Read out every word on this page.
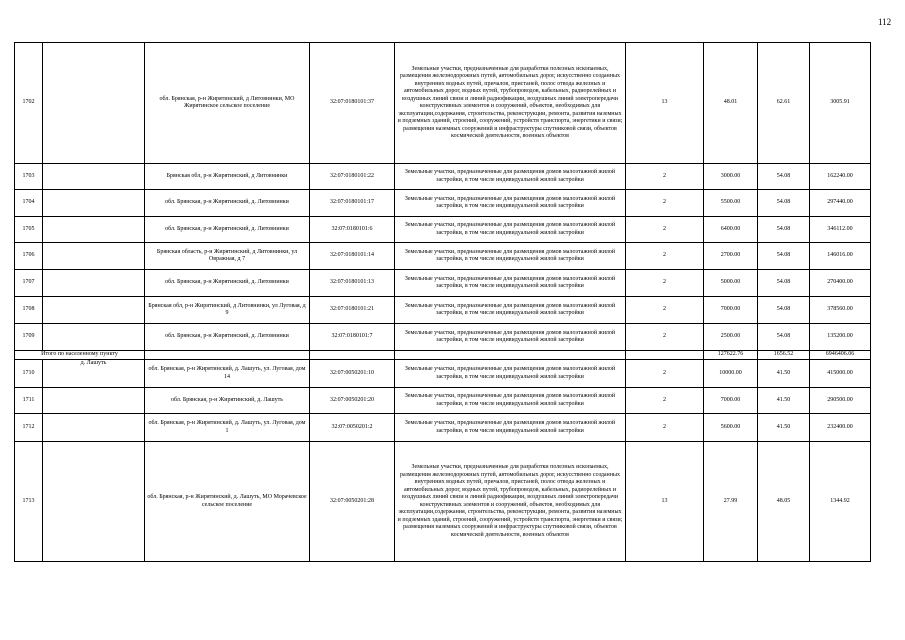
112
1702		обл. Брянская, р-н Жирятинский, д Литовнинки, МО Жирятинское сельское поселение	32:07:0180101:37	Земельные участки, предназначенные для разработки полезных ископаемых, размещения железнодорожных путей, автомобильных дорог, искусственно созданных внутренних водных путей, причалов, пристаней, полос отвода железных и автомобильных дорог, водных путей, трубопроводов, кабельных, радиорелейных и воздушных линий связи и линий радиофикации, воздушных линий электропередачи конструктивных элементов и сооружений, объектов, необходимых для эксплуатации,содержания, строительства, реконструкции, ремонта, развития наземных и подземных зданий, строений, сооружений, устройств транспорта, энергетики и связи; размещения наземных сооружений и инфраструктуры спутниковой связи, объектов космической деятельности, военных объектов	13	48.01	62.61	3005.91
1703		Брянская обл, р-н Жирятинский, д Литовнинки	32:07:0180101:22	Земельные участки, предназначенные для размещения домов малоэтажной жилой застройки, в том числе индивидуальной жилой застройки	2	3000.00	54.08	162240.00
1704		обл. Брянская, р-н Жирятинский, д. Литовнинки	32:07:0180101:17	Земельные участки, предназначенные для размещения домов малоэтажной жилой застройки, в том числе индивидуальной жилой застройки	2	5500.00	54.08	297440.00
1705		обл. Брянская, р-н Жирятинский, д. Литовнинки	32:07:0180101:6	Земельные участки, предназначенные для размещения домов малоэтажной жилой застройки, в том числе индивидуальной жилой застройки	2	6400.00	54.08	346112.00
1706		Брянская область, р-н Жирятинский, д Литовнинки, ул Овражная, д 7	32:07:0180101:14	Земельные участки, предназначенные для размещения домов малоэтажной жилой застройки, в том числе индивидуальной жилой застройки	2	2700.00	54.08	146016.00
1707		обл. Брянская, р-н Жирятинский, д. Литовнинки	32:07:0180101:13	Земельные участки, предназначенные для размещения домов малоэтажной жилой застройки, в том числе индивидуальной жилой застройки	2	5000.00	54.08	270400.00
1708		Брянская обл, р-н Жирятинский, д Литовнинки, ул Луговая, д 9	32:07:0180101:21	Земельные участки, предназначенные для размещения домов малоэтажной жилой застройки, в том числе индивидуальной жилой застройки	2	7000.00	54.08	378560.00
1709		обл. Брянская, р-н Жирятинский, д. Литовнинки	32:07:0180101:7	Земельные участки, предназначенные для размещения домов малоэтажной жилой застройки, в том числе индивидуальной жилой застройки	2	2500.00	54.08	135200.00
Итого по населенному пункту						127622.76	1656.52	6946406.06
1710	д. Лашуть	обл. Брянская, р-н Жирятинский, д. Лашуть, ул. Луговая, дом 14	32:07:0050201:10	Земельные участки, предназначенные для размещения домов малоэтажной жилой застройки, в том числе индивидуальной жилой застройки	2	10000.00	41.50	415000.00
1711		обл. Брянская, р-н Жирятинский, д. Лашуть	32:07:0050201:20	Земельные участки, предназначенные для размещения домов малоэтажной жилой застройки, в том числе индивидуальной жилой застройки	2	7000.00	41.50	290500.00
1712		обл. Брянская, р-н Жирятинский, д. Лашуть, ул. Луговая, дом 1	32:07:0050201:2	Земельные участки, предназначенные для размещения домов малоэтажной жилой застройки, в том числе индивидуальной жилой застройки	2	5600.00	41.50	232400.00
1713		обл. Брянская, р-н Жирятинский, д. Лашуть, МО Морачевское сельское поселение	32:07:0050201:28	Земельные участки, предназначенные для разработки полезных ископаемых, размещения железнодорожных путей, автомобильных дорог, искусственно созданных внутренних водных путей, причалов, пристаней, полос отвода железных и автомобильных дорог, водных путей, трубопроводов, кабельных, радиорелейных и воздушных линий связи и линий радиофикации, воздушных линий электропередачи конструктивных элементов и сооружений, объектов, необходимых для эксплуатации,содержания, строительства, реконструкции, ремонта, развития наземных и подземных зданий, строений, сооружений, устройств транспорта, энергетики и связи; размещения наземных сооружений и инфраструктуры спутниковой связи, объектов космической деятельности, военных объектов	13	27.99	48.05	1344.92
